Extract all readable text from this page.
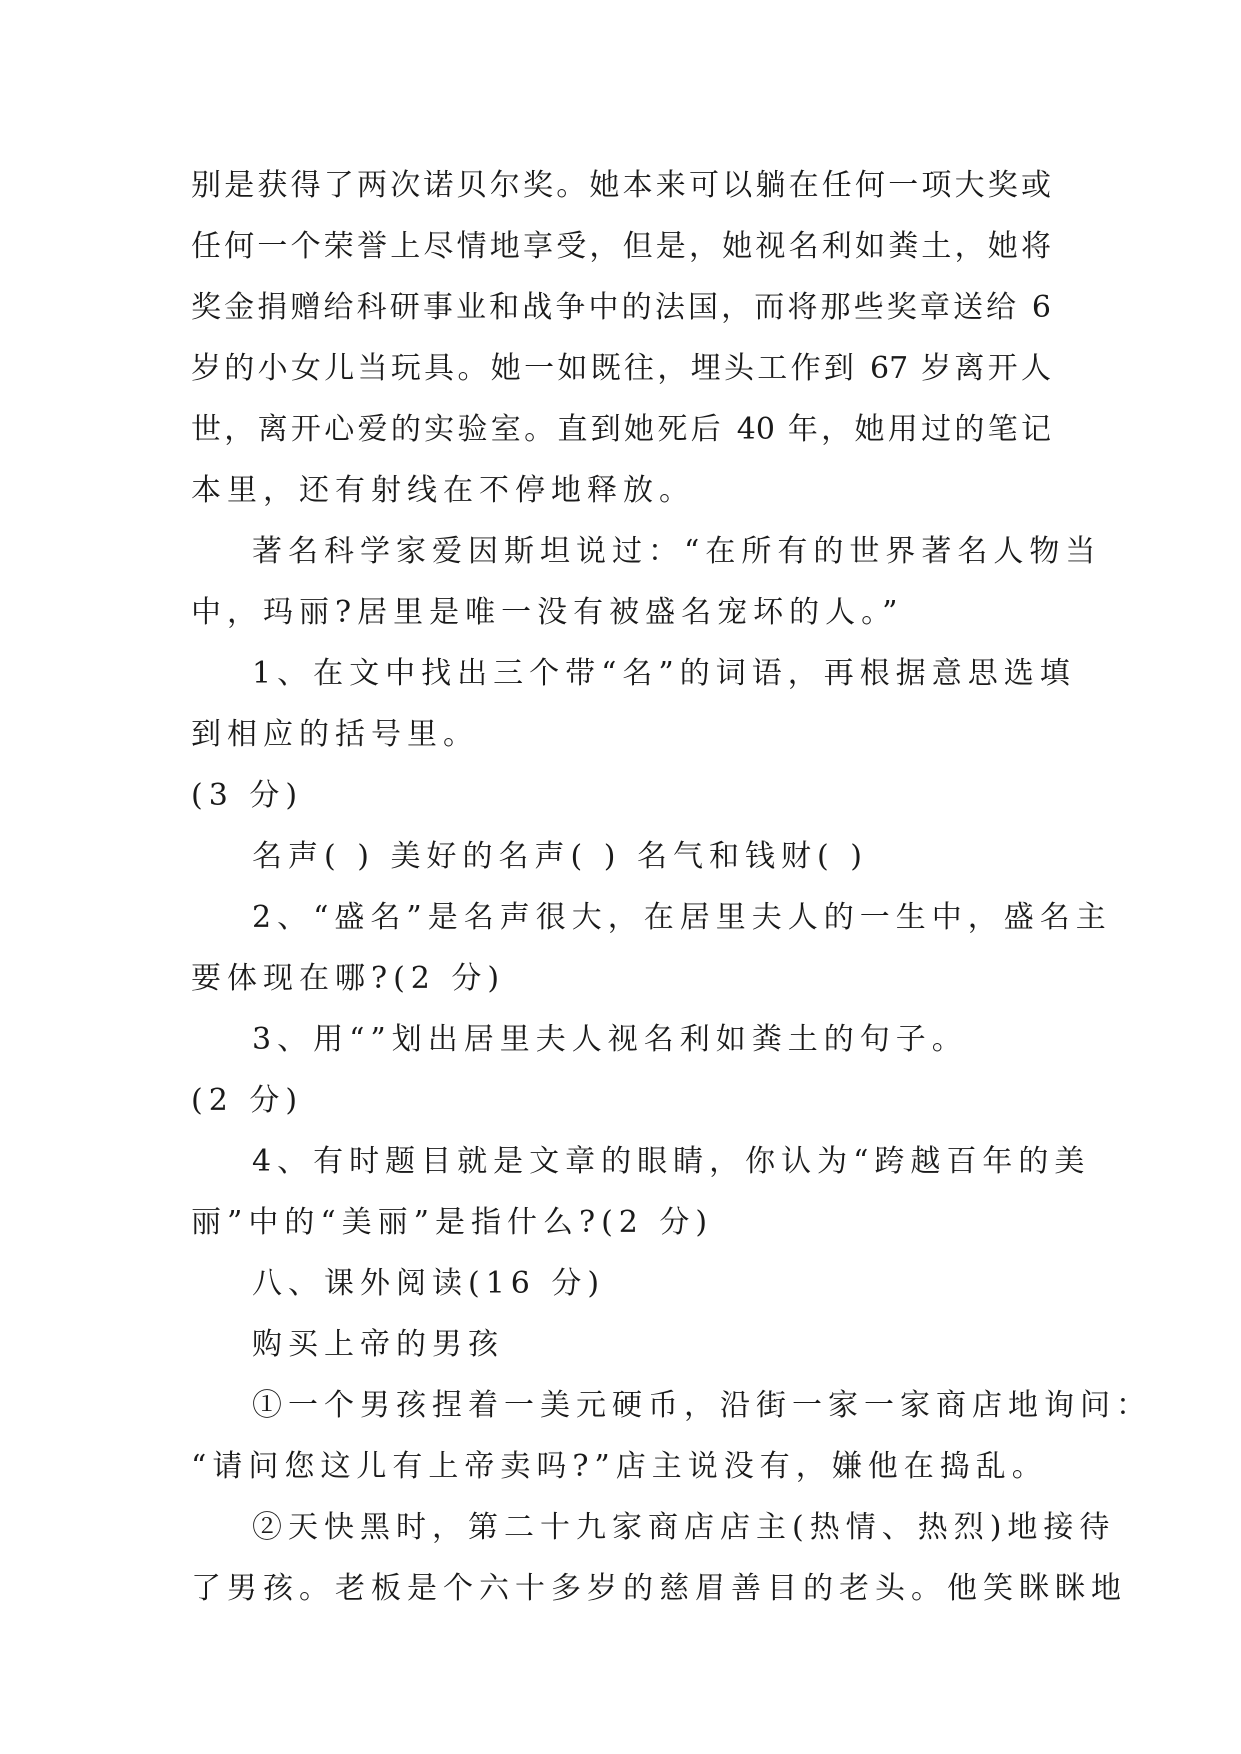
别是获得了两次诺贝尔奖。她本来可以躺在任何一项大奖或
任何一个荣誉上尽情地享受，但是，她视名利如粪土，她将
奖金捐赠给科研事业和战争中的法国，而将那些奖章送给 6
岁的小女儿当玩具。她一如既往，埋头工作到 67 岁离开人
世，离开心爱的实验室。直到她死后 40 年，她用过的笔记
本里，还有射线在不停地释放。
著名科学家爱因斯坦说过：“在所有的世界著名人物当
中，玛丽?居里是唯一没有被盛名宠坏的人。”
1、在文中找出三个带“名”的词语，再根据意思选填
到相应的括号里。
(3 分)
名声( ) 美好的名声( ) 名气和钱财( )
2、“盛名”是名声很大，在居里夫人的一生中，盛名主
要体现在哪?(2 分)
3、用“”划出居里夫人视名利如粪土的句子。
(2 分)
4、有时题目就是文章的眼睛，你认为“跨越百年的美
丽”中的“美丽”是指什么?(2 分)
八、课外阅读(16 分)
购买上帝的男孩
①一个男孩捏着一美元硬币，沿街一家一家商店地询问：
“请问您这儿有上帝卖吗?”店主说没有，嫌他在捣乱。
②天快黑时，第二十九家商店店主(热情、热烈)地接待
了男孩。老板是个六十多岁的慈眉善目的老头。他笑眯眯地
